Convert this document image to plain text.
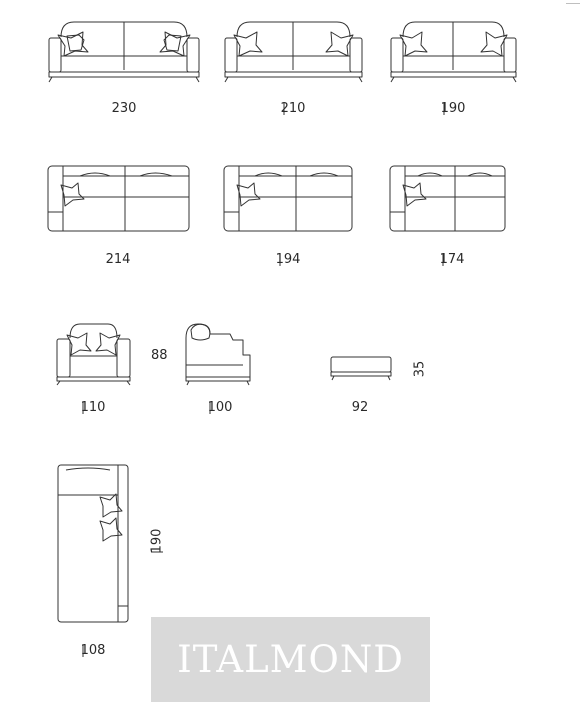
230	210	190
214	194	174
88
110	100	92
35
190
108 ITALMOND
